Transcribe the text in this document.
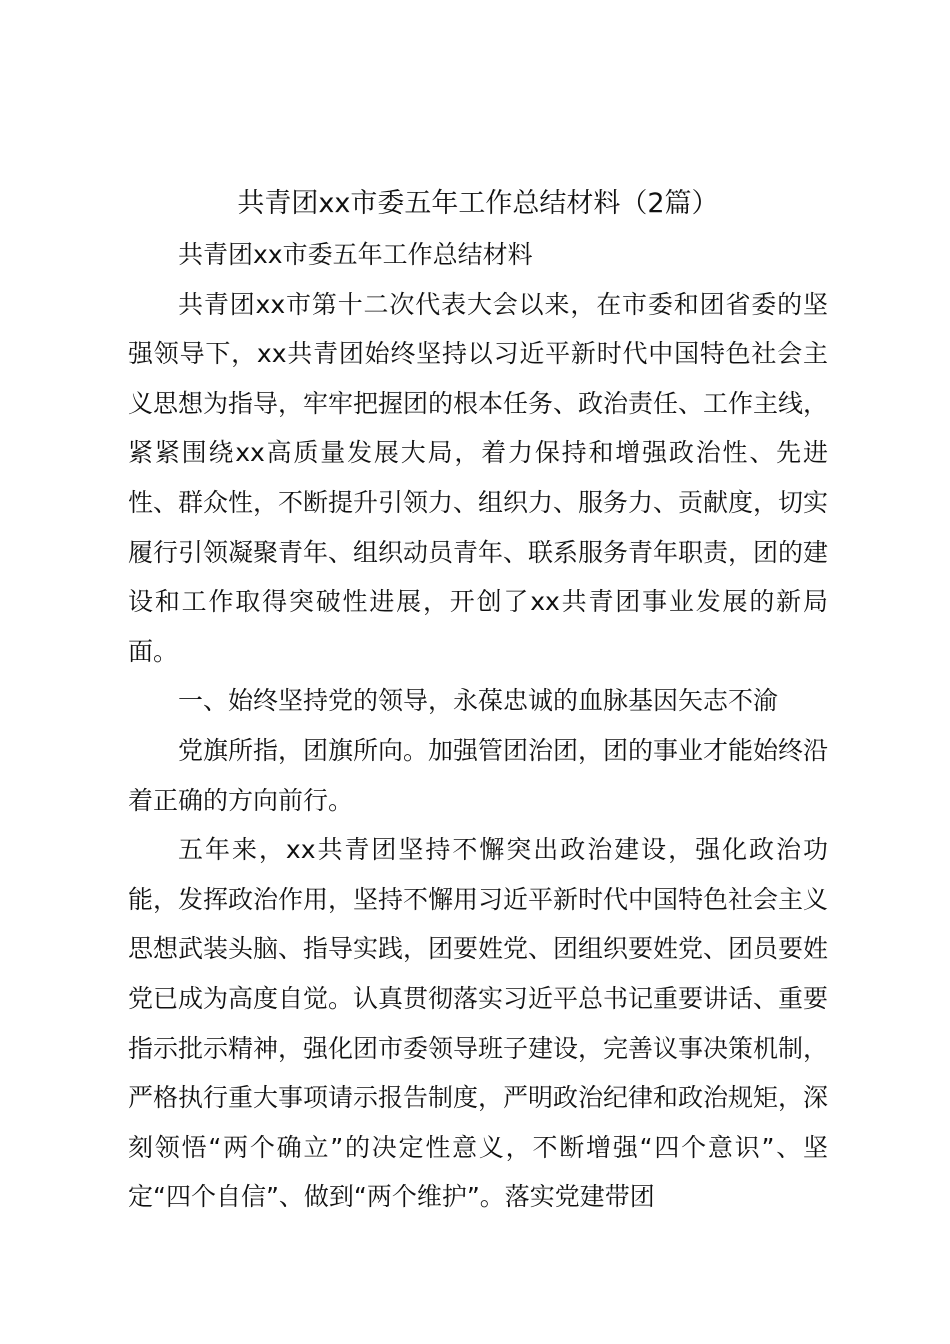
共青团xx市委五年工作总结材料（2篇）

共青团xx市委五年工作总结材料

共青团xx市第十二次代表大会以来，在市委和团省委的坚强领导下，xx共青团始终坚持以习近平新时代中国特色社会主义思想为指导，牢牢把握团的根本任务、政治责任、工作主线，紧紧围绕xx高质量发展大局，着力保持和增强政治性、先进性、群众性，不断提升引领力、组织力、服务力、贡献度，切实履行引领凝聚青年、组织动员青年、联系服务青年职责，团的建设和工作取得突破性进展，开创了xx共青团事业发展的新局面。

一、始终坚持党的领导，永葆忠诚的血脉基因矢志不渝

党旗所指，团旗所向。加强管团治团，团的事业才能始终沿着正确的方向前行。

五年来，xx共青团坚持不懈突出政治建设，强化政治功能，发挥政治作用，坚持不懈用习近平新时代中国特色社会主义思想武装头脑、指导实践，团要姓党、团组织要姓党、团员要姓党已成为高度自觉。认真贯彻落实习近平总书记重要讲话、重要指示批示精神，强化团市委领导班子建设，完善议事决策机制，严格执行重大事项请示报告制度，严明政治纪律和政治规矩，深刻领悟“两个确立”的决定性意义，不断增强“四个意识”、坚定“四个自信”、做到“两个维护”。落实党建带团
